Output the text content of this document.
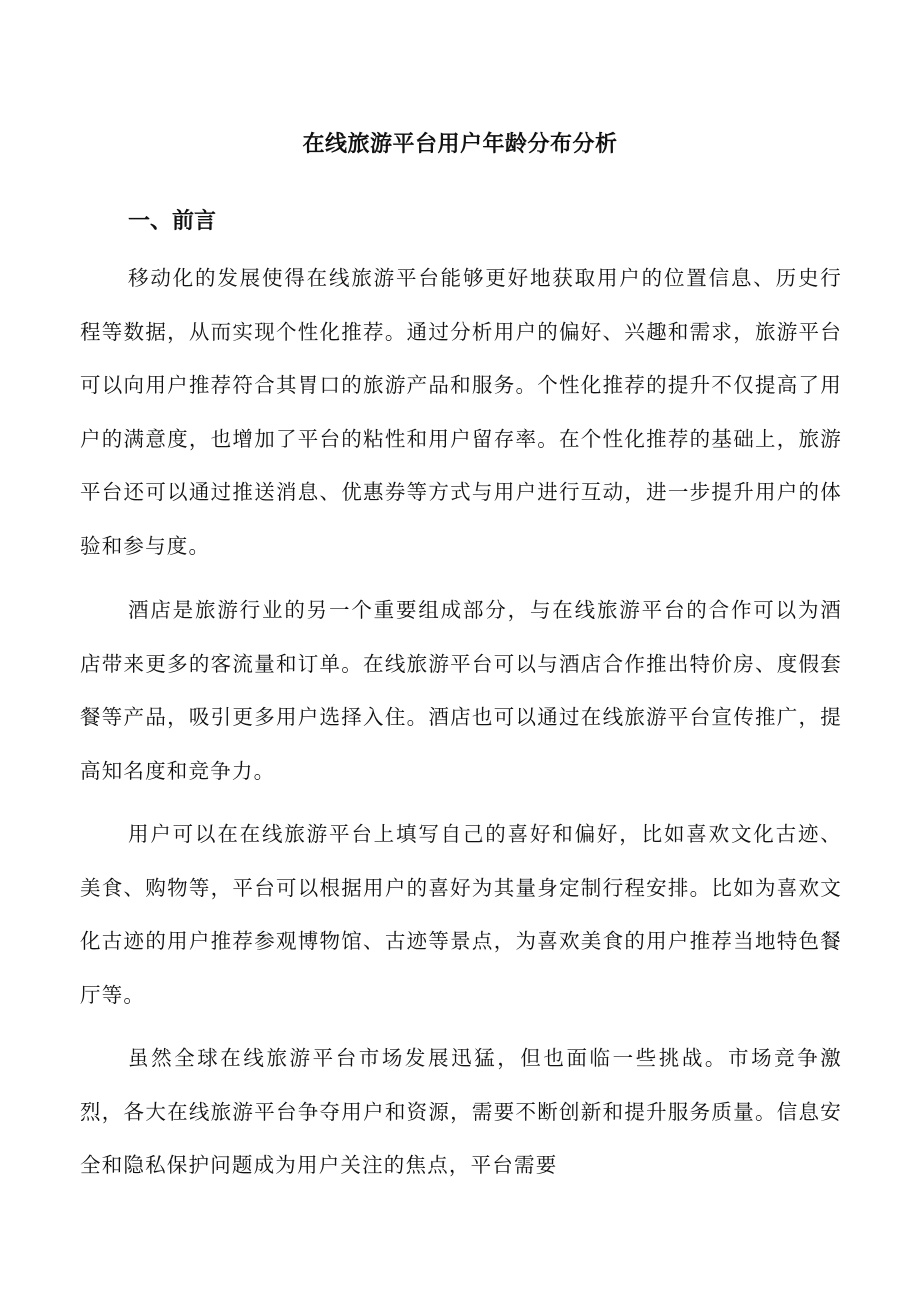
在线旅游平台用户年龄分布分析
一、前言

移动化的发展使得在线旅游平台能够更好地获取用户的位置信息、历史行程等数据，从而实现个性化推荐。通过分析用户的偏好、兴趣和需求，旅游平台可以向用户推荐符合其胃口的旅游产品和服务。个性化推荐的提升不仅提高了用户的满意度，也增加了平台的粘性和用户留存率。在个性化推荐的基础上，旅游平台还可以通过推送消息、优惠券等方式与用户进行互动，进一步提升用户的体验和参与度。

酒店是旅游行业的另一个重要组成部分，与在线旅游平台的合作可以为酒店带来更多的客流量和订单。在线旅游平台可以与酒店合作推出特价房、度假套餐等产品，吸引更多用户选择入住。酒店也可以通过在线旅游平台宣传推广，提高知名度和竞争力。

用户可以在在线旅游平台上填写自己的喜好和偏好，比如喜欢文化古迹、美食、购物等，平台可以根据用户的喜好为其量身定制行程安排。比如为喜欢文化古迹的用户推荐参观博物馆、古迹等景点，为喜欢美食的用户推荐当地特色餐厅等。

虽然全球在线旅游平台市场发展迅猛，但也面临一些挑战。市场竞争激烈，各大在线旅游平台争夺用户和资源，需要不断创新和提升服务质量。信息安全和隐私保护问题成为用户关注的焦点，平台需要
